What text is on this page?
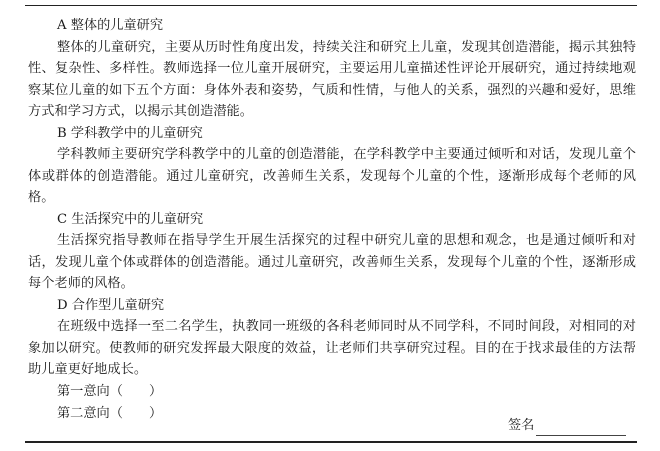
A 整体的儿童研究

整体的儿童研究，主要从历时性角度出发，持续关注和研究上儿童，发现其创造潜能，揭示其独特性、复杂性、多样性。教师选择一位儿童开展研究，主要运用儿童描述性评论开展研究，通过持续地观察某位儿童的如下五个方面：身体外表和姿势，气质和性情，与他人的关系，强烈的兴趣和爱好，思维方式和学习方式，以揭示其创造潜能。

B 学科教学中的儿童研究

学科教师主要研究学科教学中的儿童的创造潜能，在学科教学中主要通过倾听和对话，发现儿童个体或群体的创造潜能。通过儿童研究，改善师生关系，发现每个儿童的个性，逐渐形成每个老师的风格。

C 生活探究中的儿童研究

生活探究指导教师在指导学生开展生活探究的过程中研究儿童的思想和观念，也是通过倾听和对话，发现儿童个体或群体的创造潜能。通过儿童研究，改善师生关系，发现每个儿童的个性，逐渐形成每个老师的风格。

D 合作型儿童研究

在班级中选择一至二名学生，执教同一班级的各科老师同时从不同学科，不同时间段，对相同的对象加以研究。使教师的研究发挥最大限度的效益，让老师们共享研究过程。目的在于找求最佳的方法帮助儿童更好地成长。

第一意向（ ）

第二意向（ ）

签名
